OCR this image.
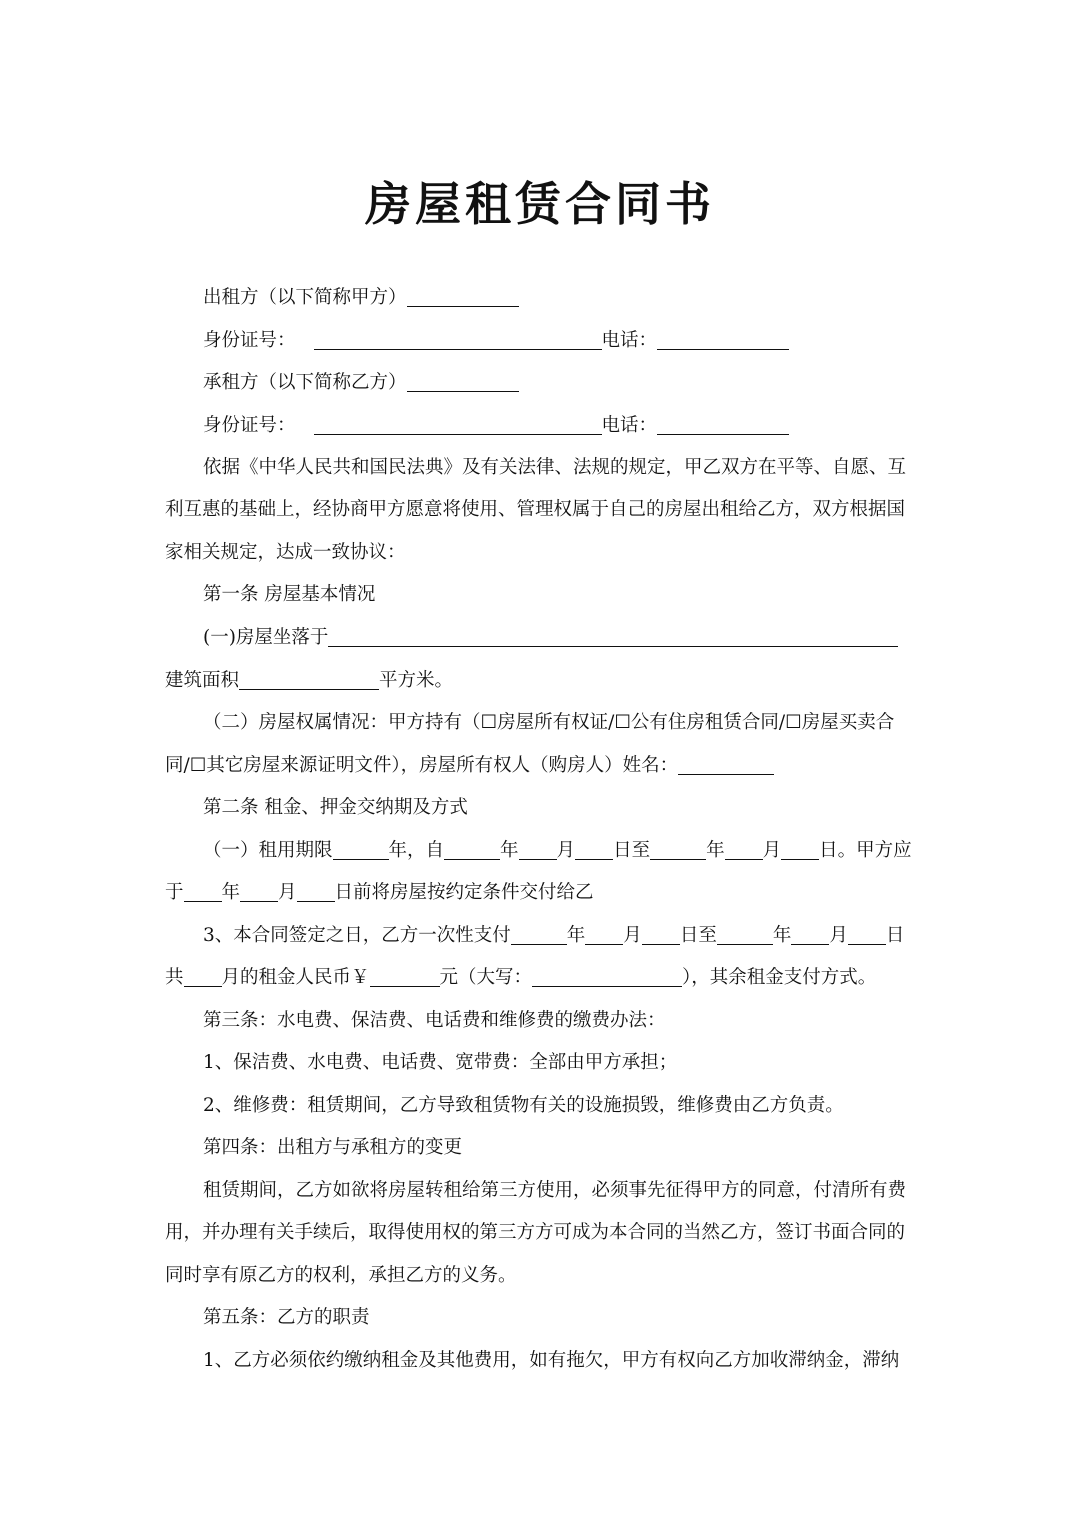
房屋租赁合同书
出租方（以下简称甲方）
身份证号：	电话：
承租方（以下简称乙方）
身份证号：	电话：
依据《中华人民共和国民法典》及有关法律、法规的规定，甲乙双方在平等、自愿、互
利互惠的基础上，经协商甲方愿意将使用、管理权属于自己的房屋出租给乙方，双方根据国
家相关规定，达成一致协议：
第一条 房屋基本情况
(一)房屋坐落于
建筑面积	平方米。
（二）房屋权属情况：甲方持有（☐房屋所有权证/☐公有住房租赁合同/☐房屋买卖合
同/☐其它房屋来源证明文件），房屋所有权人（购房人）姓名：
第二条 租金、押金交纳期及方式
（一）租用期限	年，自	年 月 日至	年 月 日。甲方应
于 年 月 日前将房屋按约定条件交付给乙
3、本合同签定之日，乙方一次性支付	年 月 日至	年 月 日
共 月的租金人民币￥	元（大写：	），其余租金支付方式。
第三条：水电费、保洁费、电话费和维修费的缴费办法：
1、保洁费、水电费、电话费、宽带费：全部由甲方承担；
2、维修费：租赁期间，乙方导致租赁物有关的设施损毁，维修费由乙方负责。
第四条：出租方与承租方的变更
租赁期间，乙方如欲将房屋转租给第三方使用，必须事先征得甲方的同意，付清所有费
用，并办理有关手续后，取得使用权的第三方方可成为本合同的当然乙方，签订书面合同的
同时享有原乙方的权利，承担乙方的义务。
第五条：乙方的职责
1、乙方必须依约缴纳租金及其他费用，如有拖欠，甲方有权向乙方加收滞纳金，滞纳
